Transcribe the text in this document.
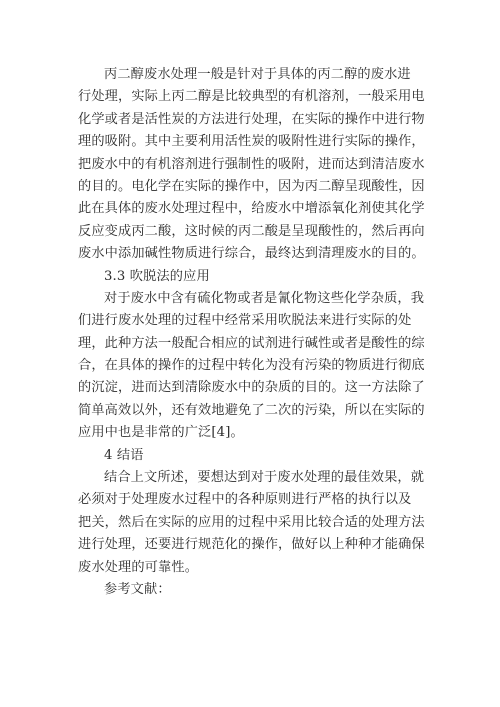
丙二醇废水处理一般是针对于具体的丙二醇的废水进
行处理，实际上丙二醇是比较典型的有机溶剂，一般采用电
化学或者是活性炭的方法进行处理，在实际的操作中进行物
理的吸附。其中主要利用活性炭的吸附性进行实际的操作，
把废水中的有机溶剂进行强制性的吸附，进而达到清洁废水
的目的。电化学在实际的操作中，因为丙二醇呈现酸性，因
此在具体的废水处理过程中，给废水中增添氧化剂使其化学
反应变成丙二酸，这时候的丙二酸是呈现酸性的，然后再向
废水中添加碱性物质进行综合，最终达到清理废水的目的。
3.3 吹脱法的应用
对于废水中含有硫化物或者是氰化物这些化学杂质，我
们进行废水处理的过程中经常采用吹脱法来进行实际的处
理，此种方法一般配合相应的试剂进行碱性或者是酸性的综
合，在具体的操作的过程中转化为没有污染的物质进行彻底
的沉淀，进而达到清除废水中的杂质的目的。这一方法除了
简单高效以外，还有效地避免了二次的污染，所以在实际的
应用中也是非常的广泛[4]。
4 结语
结合上文所述，要想达到对于废水处理的最佳效果，就
必须对于处理废水过程中的各种原则进行严格的执行以及
把关，然后在实际的应用的过程中采用比较合适的处理方法
进行处理，还要进行规范化的操作，做好以上种种才能确保
废水处理的可靠性。
参考文献：
